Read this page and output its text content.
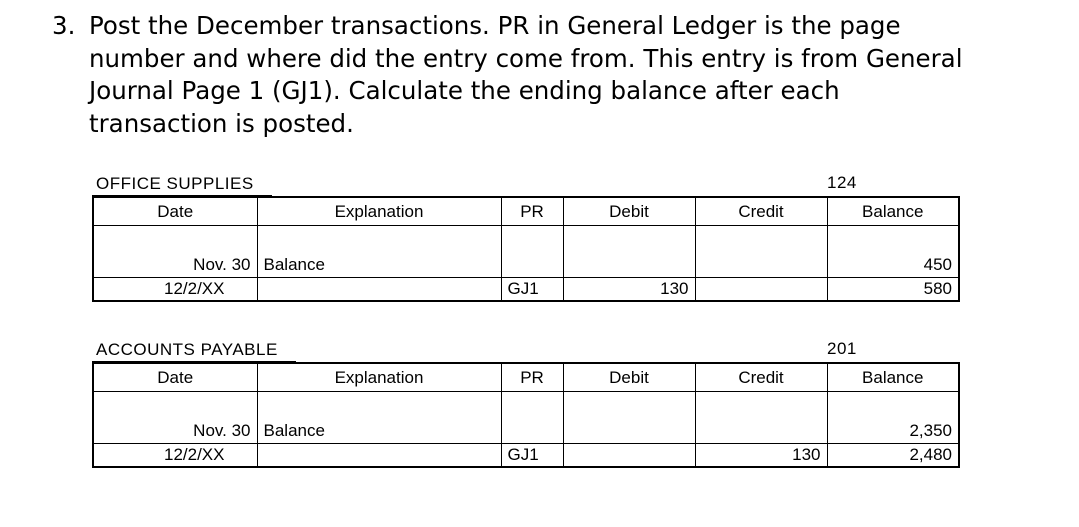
3. Post the December transactions. PR in General Ledger is the page
number and where did the entry come from. This entry is from General
Journal Page 1 (GJ1). Calculate the ending balance after each
transaction is posted.
OFFICE SUPPLIES	124
Date	Explanation	PR	Debit	Credit	Balance
Nov. 30	Balance				450
12/2/XX		GJ1	130		580
ACCOUNTS PAYABLE	201
Date	Explanation	PR	Debit	Credit	Balance
Nov. 30	Balance				2,350
12/2/XX		GJ1		130	2,480
